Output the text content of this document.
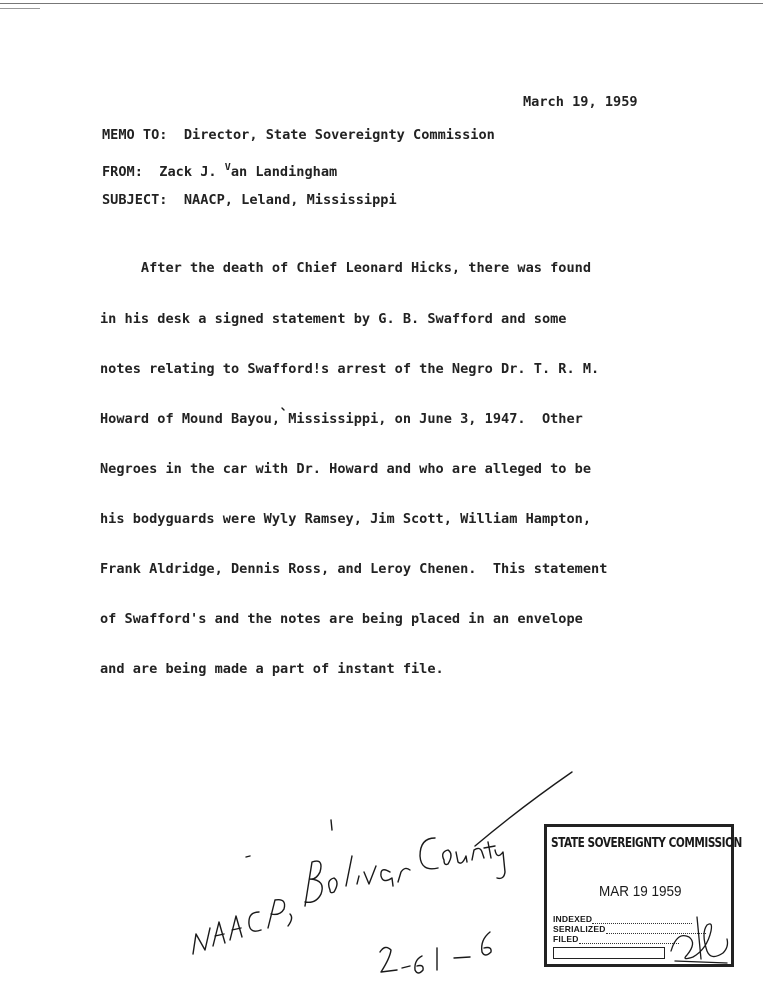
March 19, 1959
MEMO TO: Director, State Sovereignty Commission
FROM: Zack J. $^V$an Landingham
SUBJECT: NAACP, Leland, Mississippi

After the death of Chief Leonard Hicks, there was found

in his desk a signed statement by G. B. Swafford and some

notes relating to Swafford!s arrest of the Negro Dr. T. R. M.

Howard of Mound Bayou, Mississippi, on June 3, 1947.  Other

Negroes in the car with Dr. Howard and who are alleged to be

his bodyguards were Wyly Ramsey, Jim Scott, William Hampton,

Frank Aldridge, Dennis Ross, and Leroy Chenen.  This statement

of Swafford's and the notes are being placed in an envelope

and are being made a part of instant file.

STATE SOVEREIGNTY COMMISSION
MAR 19 1959
INDEXED
SERIALIZED
FILED
